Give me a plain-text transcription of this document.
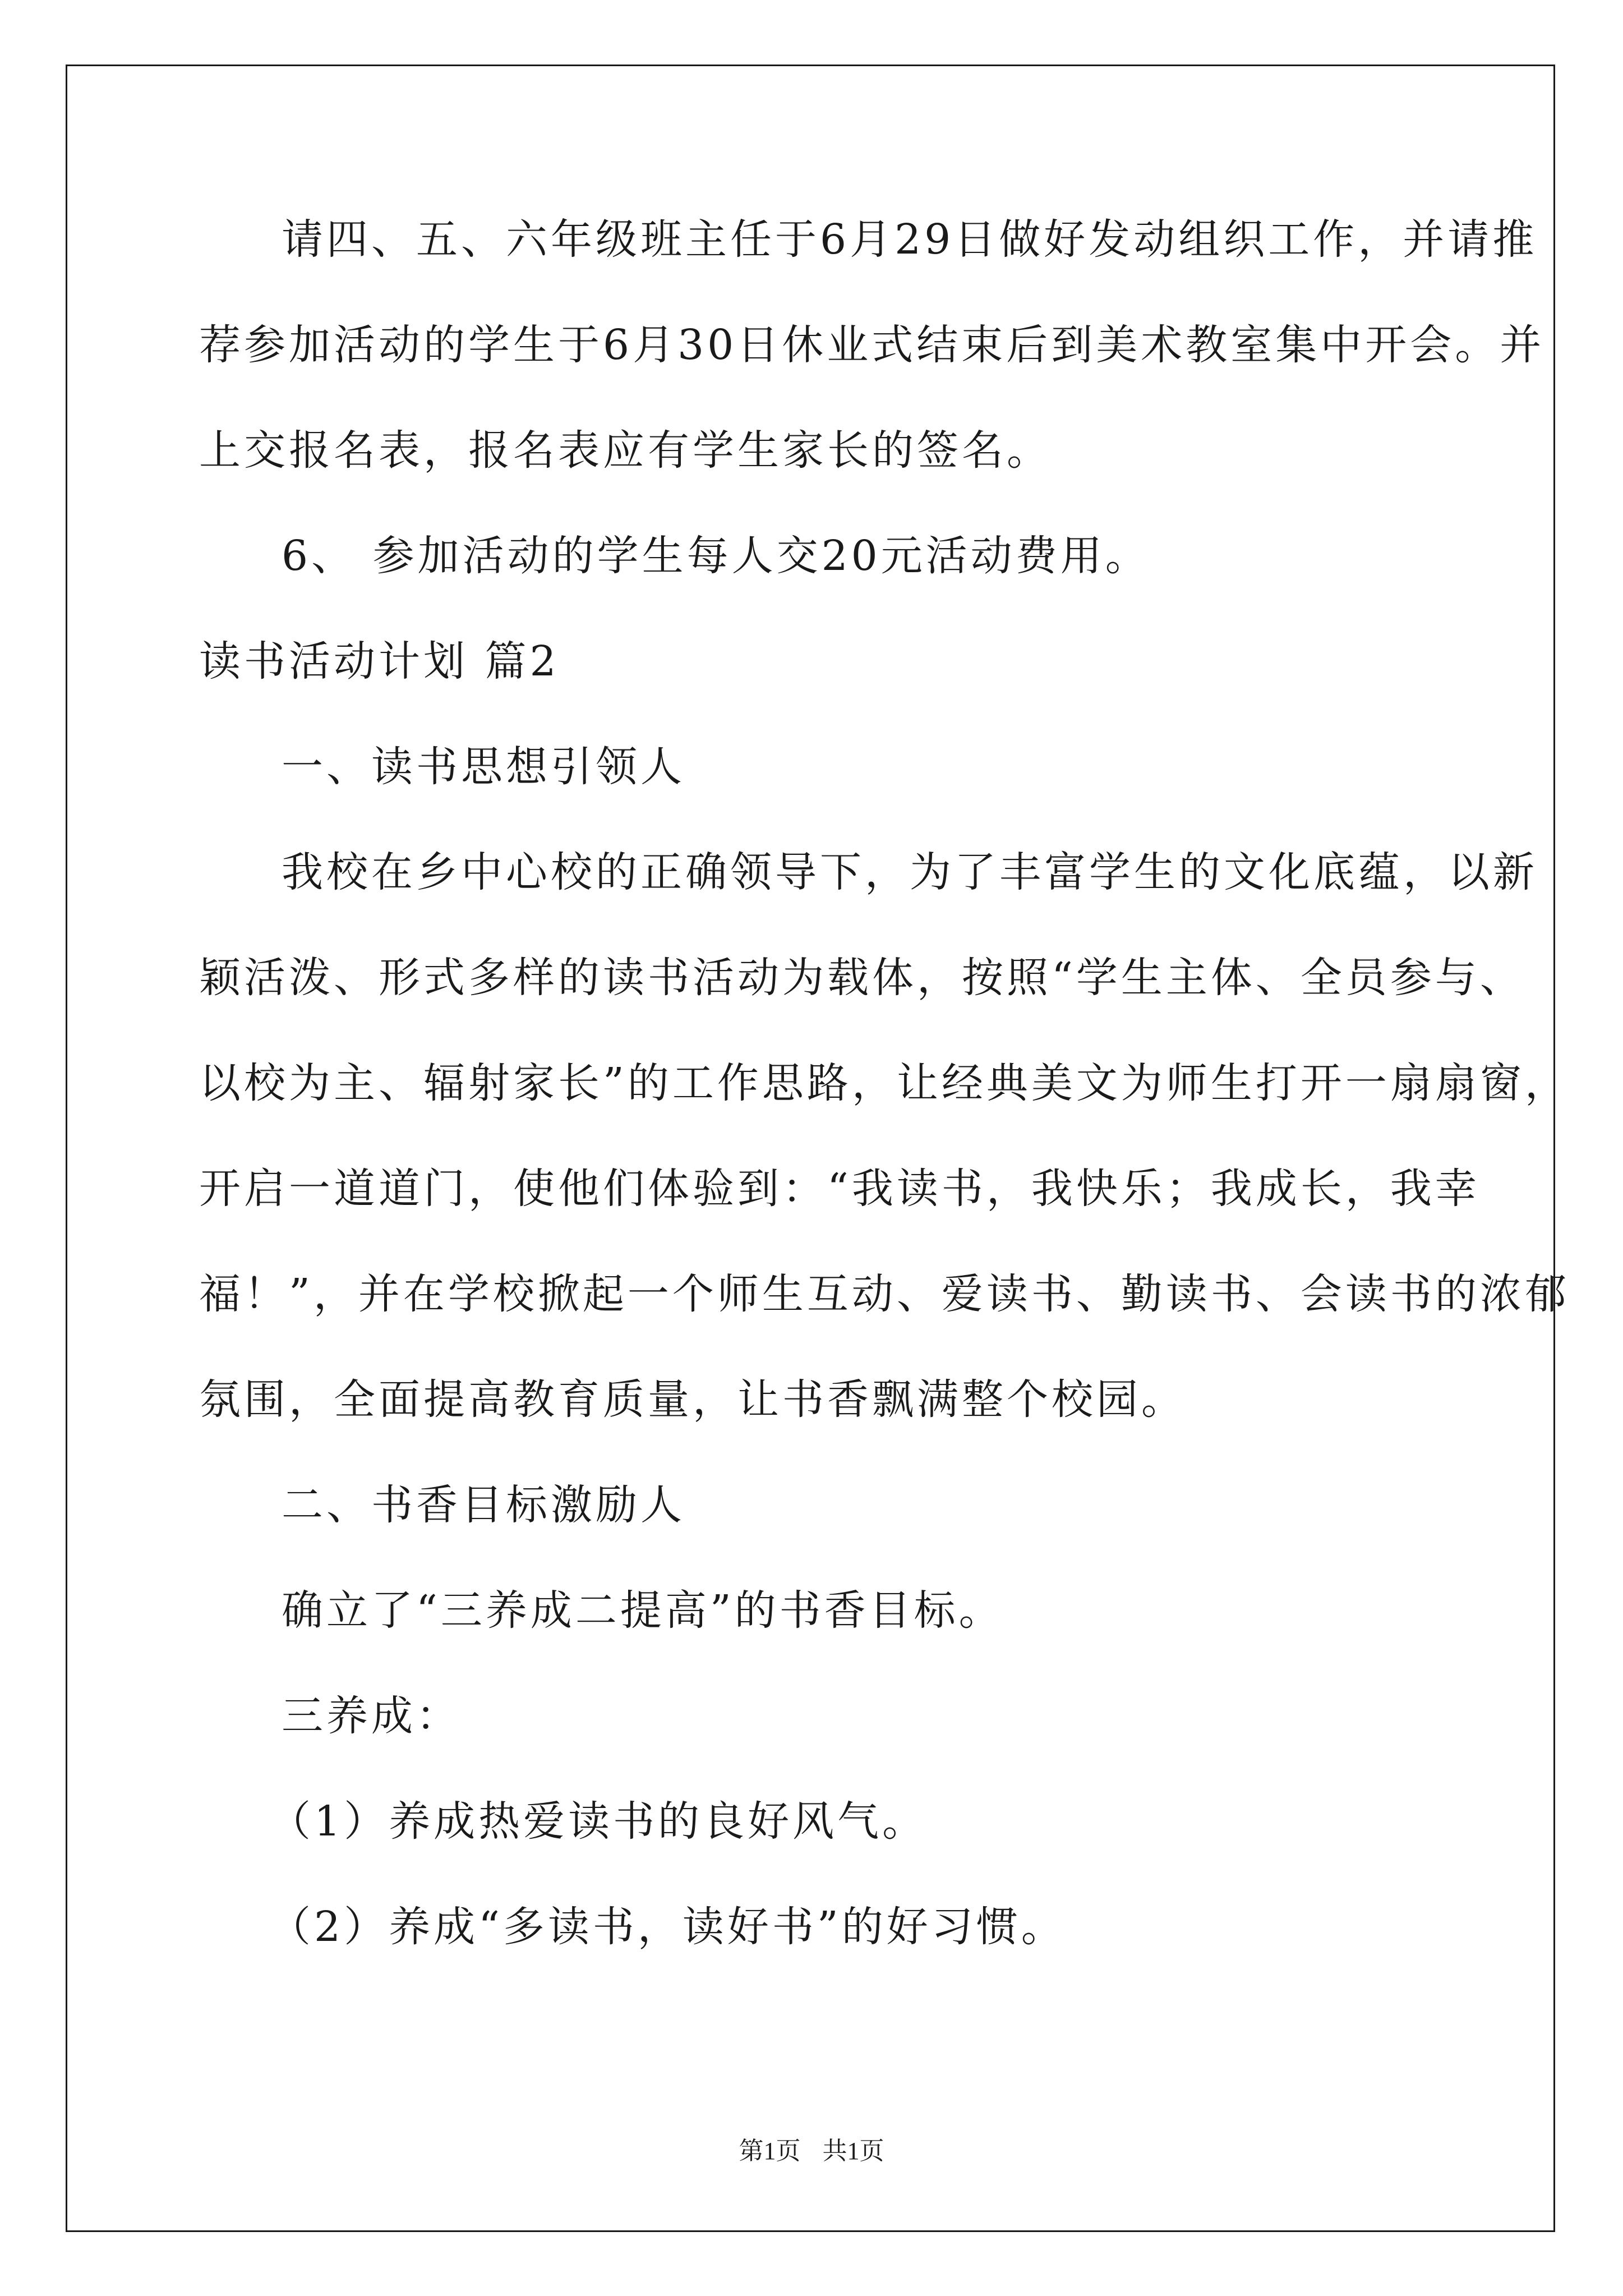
请四、五、六年级班主任于6月29日做好发动组织工作，并请推
荐参加活动的学生于6月30日休业式结束后到美术教室集中开会。并
上交报名表，报名表应有学生家长的签名。
6、 参加活动的学生每人交20元活动费用。
读书活动计划 篇2
一、读书思想引领人
我校在乡中心校的正确领导下，为了丰富学生的文化底蕴，以新
颖活泼、形式多样的读书活动为载体，按照“学生主体、全员参与、
以校为主、辐射家长”的工作思路，让经典美文为师生打开一扇扇窗，
开启一道道门，使他们体验到：“我读书，我快乐；我成长，我幸
福！”，并在学校掀起一个师生互动、爱读书、勤读书、会读书的浓郁
氛围，全面提高教育质量，让书香飘满整个校园。
二、书香目标激励人
确立了“三养成二提高”的书香目标。
三养成：
（1）养成热爱读书的良好风气。
（2）养成“多读书，读好书”的好习惯。
第1页 共1页
